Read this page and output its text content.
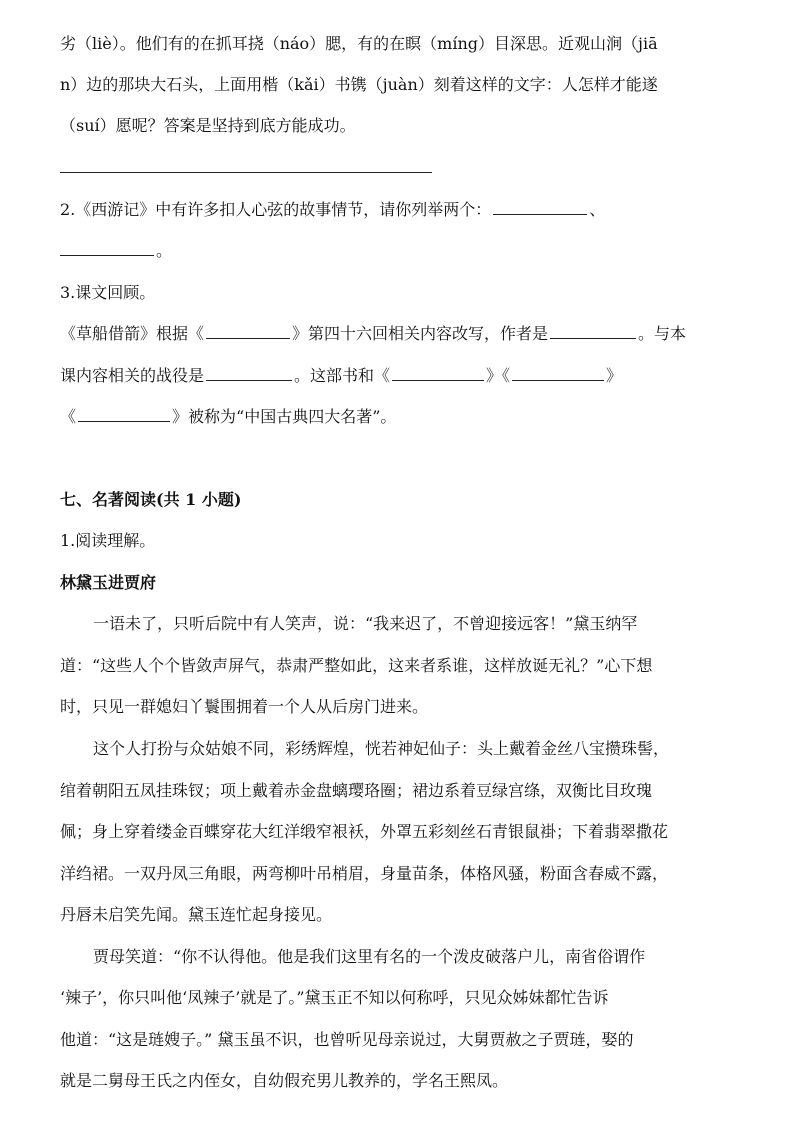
劣（liè）。他们有的在抓耳挠（náo）腮，有的在瞑（míng）目深思。近观山涧（jiā
n）边的那块大石头，上面用楷（kǎi）书镌（juàn）刻着这样的文字：人怎样才能遂
（suí）愿呢？答案是坚持到底方能成功。
2.《西游记》中有许多扣人心弦的故事情节，请你列举两个：	、
。
3.课文回顾。
《草船借箭》根据《	》第四十六回相关内容改写，作者是	。与本
课内容相关的战役是	。这部书和《	》《	》
《	》被称为“中国古典四大名著”。
七、名著阅读(共 1 小题)
1.阅读理解。
林黛玉进贾府
一语未了，只听后院中有人笑声，说：“我来迟了，不曾迎接远客！”黛玉纳罕
道：“这些人个个皆敛声屏气，恭肃严整如此，这来者系谁，这样放诞无礼？”心下想
时，只见一群媳妇丫鬟围拥着一个人从后房门进来。
这个人打扮与众姑娘不同，彩绣辉煌，恍若神妃仙子：头上戴着金丝八宝攒珠髻，
绾着朝阳五凤挂珠钗；项上戴着赤金盘螭璎珞圈；裙边系着豆绿宫绦，双衡比目玫瑰
佩；身上穿着缕金百蝶穿花大红洋缎窄裉袄，外罩五彩刻丝石青银鼠褂；下着翡翠撒花
洋绉裙。一双丹凤三角眼，两弯柳叶吊梢眉，身量苗条，体格风骚，粉面含春威不露，
丹唇未启笑先闻。黛玉连忙起身接见。
贾母笑道：“你不认得他。他是我们这里有名的一个泼皮破落户儿，南省俗谓作
‘辣子’，你只叫他‘凤辣子’就是了。”黛玉正不知以何称呼，只见众姊妹都忙告诉
他道：“这是琏嫂子。” 黛玉虽不识，也曾听见母亲说过，大舅贾赦之子贾琏，娶的
就是二舅母王氏之内侄女，自幼假充男儿教养的，学名王熙凤。
